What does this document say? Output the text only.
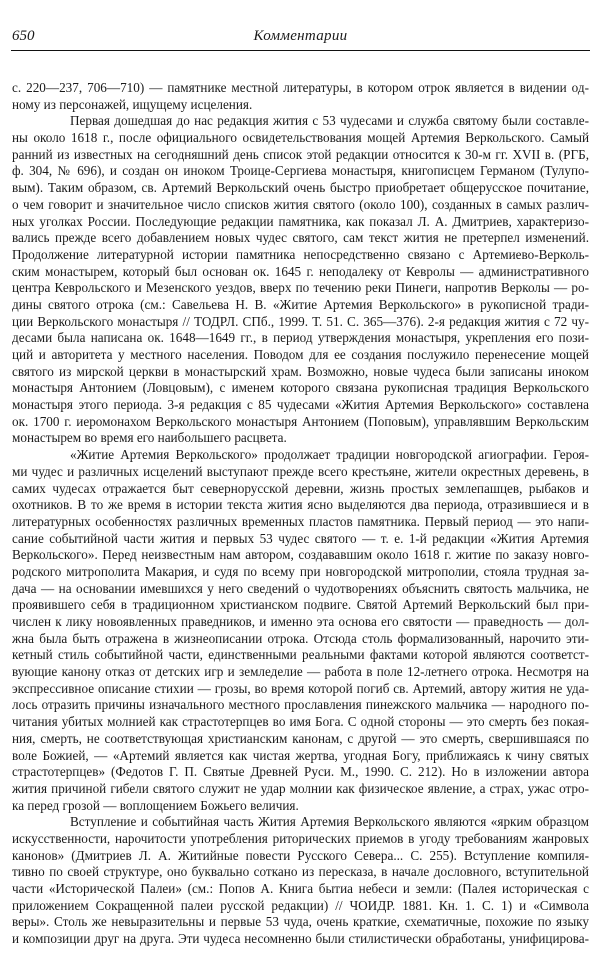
650	Комментарии
с. 220—237, 706—710) — памятнике местной литературы, в котором отрок является в видении од-
ному из персонажей, ищущему исцеления.
Первая дошедшая до нас редакция жития с 53 чудесами и служба святому были составле-
ны около 1618 г., после официального освидетельствования мощей Артемия Веркольского. Самый
ранний из известных на сегодняшний день список этой редакции относится к 30-м гг. XVII в. (РГБ,
ф. 304, № 696), и создан он иноком Троице-Сергиева монастыря, книгописцем Германом (Тулупо-
вым). Таким образом, св. Артемий Веркольский очень быстро приобретает общерусское почитание,
о чем говорит и значительное число списков жития святого (около 100), созданных в самых различ-
ных уголках России. Последующие редакции памятника, как показал Л. А. Дмитриев, характеризо-
вались прежде всего добавлением новых чудес святого, сам текст жития не претерпел изменений.
Продолжение литературной истории памятника непосредственно связано с Артемиево-Верколь-
ским монастырем, который был основан ок. 1645 г. неподалеку от Кевролы — административного
центра Кеврольского и Мезенского уездов, вверх по течению реки Пинеги, напротив Верколы — ро-
дины святого отрока (см.: Савельева Н. В. «Житие Артемия Веркольского» в рукописной тради-
ции Веркольского монастыря // ТОДРЛ. СПб., 1999. Т. 51. С. 365—376). 2-я редакция жития с 72 чу-
десами была написана ок. 1648—1649 гг., в период утверждения монастыря, укрепления его пози-
ций и авторитета у местного населения. Поводом для ее создания послужило перенесение мощей
святого из мирской церкви в монастырский храм. Возможно, новые чудеса были записаны иноком
монастыря Антонием (Ловцовым), с именем которого связана рукописная традиция Веркольского
монастыря этого периода. 3-я редакция с 85 чудесами «Жития Артемия Веркольского» составлена
ок. 1700 г. иеромонахом Веркольского монастыря Антонием (Поповым), управлявшим Веркольским
монастырем во время его наибольшего расцвета.
«Житие Артемия Веркольского» продолжает традиции новгородской агиографии. Героя-
ми чудес и различных исцелений выступают прежде всего крестьяне, жители окрестных деревень, в
самих чудесах отражается быт севернорусской деревни, жизнь простых землепашцев, рыбаков и
охотников. В то же время в истории текста жития ясно выделяются два периода, отразившиеся и в
литературных особенностях различных временных пластов памятника. Первый период — это напи-
сание событийной части жития и первых 53 чудес святого — т. е. 1-й редакции «Жития Артемия
Веркольского». Перед неизвестным нам автором, создававшим около 1618 г. житие по заказу новго-
родского митрополита Макария, и судя по всему при новгородской митрополии, стояла трудная за-
дача — на основании имевшихся у него сведений о чудотворениях объяснить святость мальчика, не
проявившего себя в традиционном христианском подвиге. Святой Артемий Веркольский был при-
числен к лику новоявленных праведников, и именно эта основа его святости — праведность — дол-
жна была быть отражена в жизнеописании отрока. Отсюда столь формализованный, нарочито эти-
кетный стиль событийной части, единственными реальными фактами которой являются соответст-
вующие канону отказ от детских игр и земледелие — работа в поле 12-летнего отрока. Несмотря на
экспрессивное описание стихии — грозы, во время которой погиб св. Артемий, автору жития не уда-
лось отразить причины изначального местного прославления пинежского мальчика — народного по-
читания убитых молнией как страстотерпцев во имя Бога. С одной стороны — это смерть без покая-
ния, смерть, не соответствующая христианским канонам, с другой — это смерть, свершившаяся по
воле Божией, — «Артемий является как чистая жертва, угодная Богу, приближаясь к чину святых
страстотерпцев» (Федотов Г. П. Святые Древней Руси. М., 1990. С. 212). Но в изложении автора
жития причиной гибели святого служит не удар молнии как физическое явление, а страх, ужас отро-
ка перед грозой — воплощением Божьего величия.
Вступление и событийная часть Жития Артемия Веркольского являются «ярким образцом
искусственности, нарочитости употребления риторических приемов в угоду требованиям жанровых
канонов» (Дмитриев Л. А. Житийные повести Русского Севера... С. 255). Вступление компиля-
тивно по своей структуре, оно буквально соткано из пересказа, в начале дословного, вступительной
части «Исторической Палеи» (см.: Попов А. Книга бытиа небеси и земли: (Палея историческая с
приложением Сокращенной палеи русской редакции) // ЧОИДР. 1881. Кн. 1. С. 1) и «Символа
веры». Столь же невыразительны и первые 53 чуда, очень краткие, схематичные, похожие по языку
и композиции друг на друга. Эти чудеса несомненно были стилистически обработаны, унифицирова-
